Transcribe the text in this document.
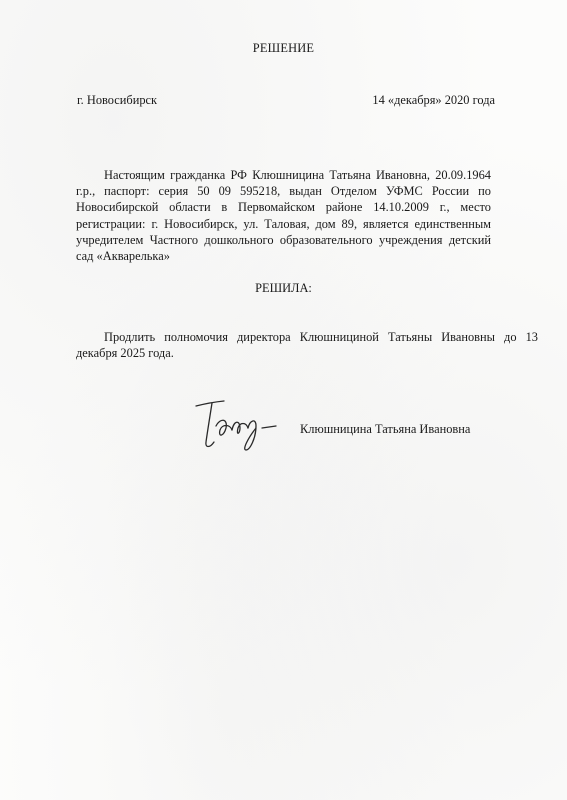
РЕШЕНИЕ
г. Новосибирск	14 «декабря» 2020 года

Настоящим гражданка РФ Клюшницина Татьяна Ивановна, 20.09.1964 г.р., паспорт: серия 50 09 595218, выдан Отделом УФМС России по Новосибирской области в Первомайском районе 14.10.2009 г., место регистрации: г. Новосибирск, ул. Таловая, дом 89, является единственным учредителем Частного дошкольного образовательного учреждения детский сад «Акварелька»

РЕШИЛА:

Продлить полномочия директора Клюшнициной Татьяны Ивановны до 13 декабря 2025 года.

Клюшницина Татьяна Ивановна
